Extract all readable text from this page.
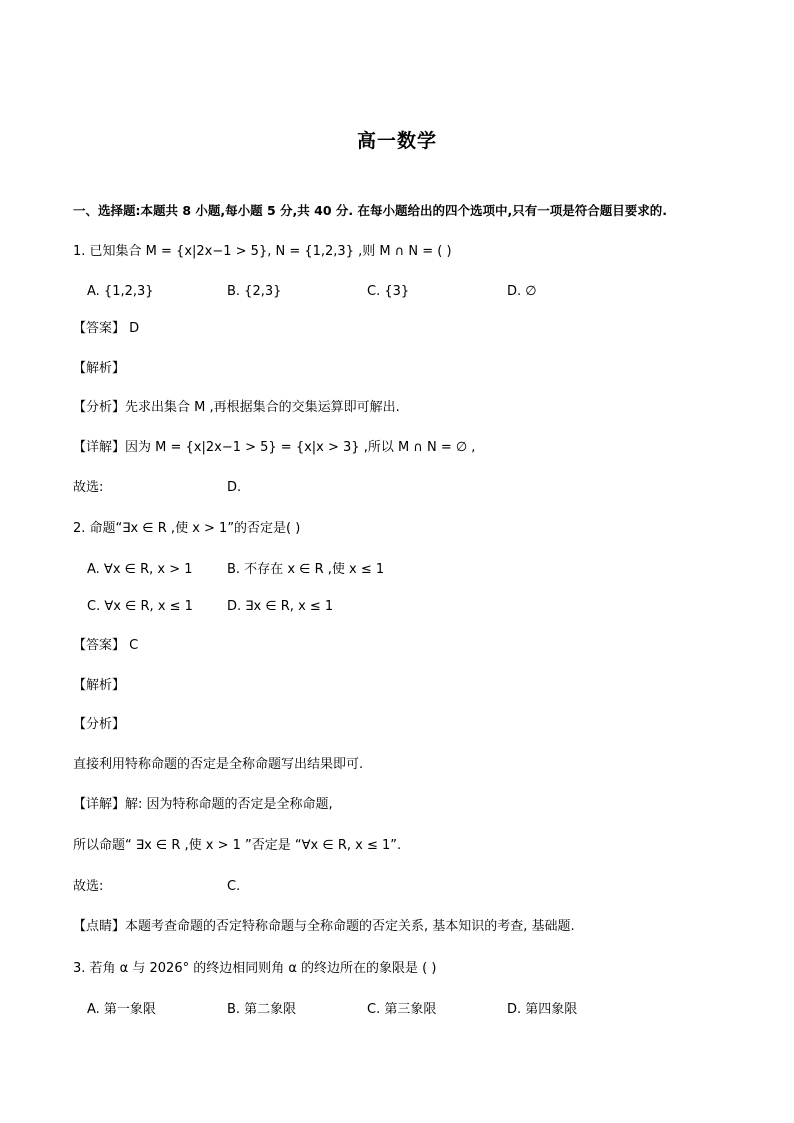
高一数学
一、选择题:本题共 8 小题,每小题 5 分,共 40 分. 在每小题给出的四个选项中,只有一项是符合题目要求的.
1. 已知集合 M = {x|2x−1 > 5}, N = {1,2,3} ,则 M ∩ N = ( )
A. {1,2,3}	B. {2,3}	C. {3}	D. ∅
【答案】 D
【解析】
【分析】先求出集合 M ,再根据集合的交集运算即可解出.
【详解】因为 M = {x|2x−1 > 5} = {x|x > 3} ,所以 M ∩ N = ∅ ,
故选:	D.
2. 命题“∃x ∈ R ,使 x > 1”的否定是( )
A. ∀x ∈ R, x > 1	B. 不存在 x ∈ R ,使 x ≤ 1
C. ∀x ∈ R, x ≤ 1	D. ∃x ∈ R, x ≤ 1
【答案】 C
【解析】
【分析】
直接利用特称命题的否定是全称命题写出结果即可.
【详解】解: 因为特称命题的否定是全称命题,
所以命题“ ∃x ∈ R ,使 x > 1 ”否定是 “∀x ∈ R, x ≤ 1”.
故选:	C.
【点睛】本题考查命题的否定特称命题与全称命题的否定关系, 基本知识的考查, 基础题.
3. 若角 α 与 2026° 的终边相同则角 α 的终边所在的象限是 ( )
A. 第一象限	B. 第二象限	C. 第三象限	D. 第四象限
